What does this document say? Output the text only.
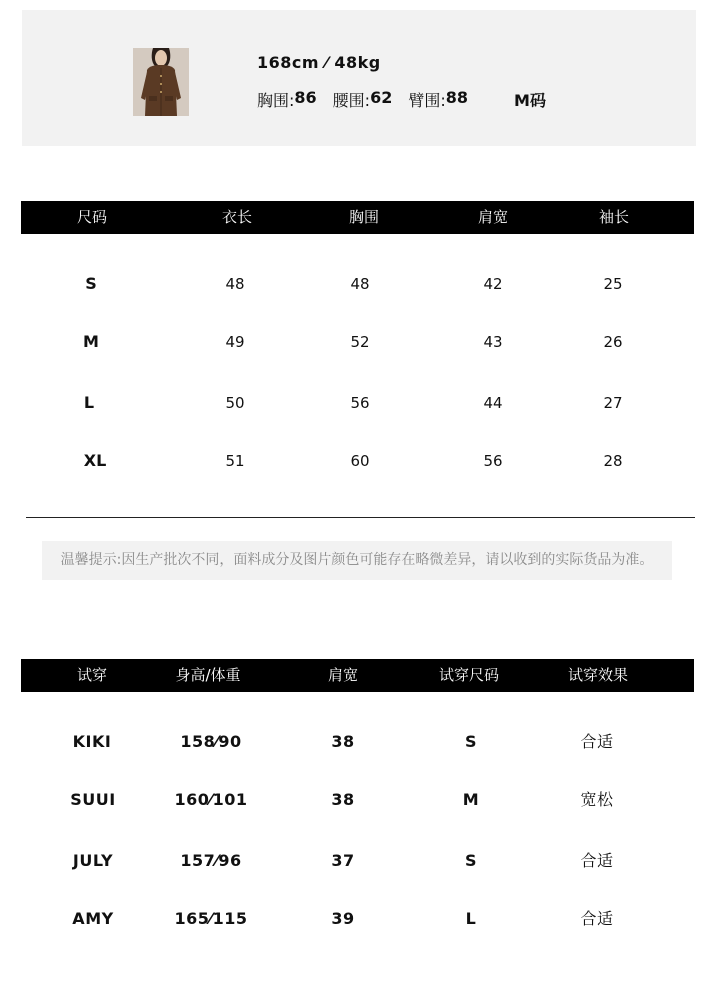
168cm ⁄ 48kg
胸围: 86 腰围: 62 臂围: 88	M码
尺码	衣长	胸围	肩宽	袖长
S	48	48	42	25
M	49	52	43	26
L	50	56	44	27
XL	51	60	56	28
温馨提示:因生产批次不同，面料成分及图片颜色可能存在略微差异，请以收到的实际货品为准。
试穿	身高/体重	肩宽	试穿尺码	试穿效果
KIKI	158⁄90	38	S	合适
SUUI	160⁄101	38	M	宽松
JULY	157⁄96	37	S	合适
AMY	165⁄115	39	L	合适
